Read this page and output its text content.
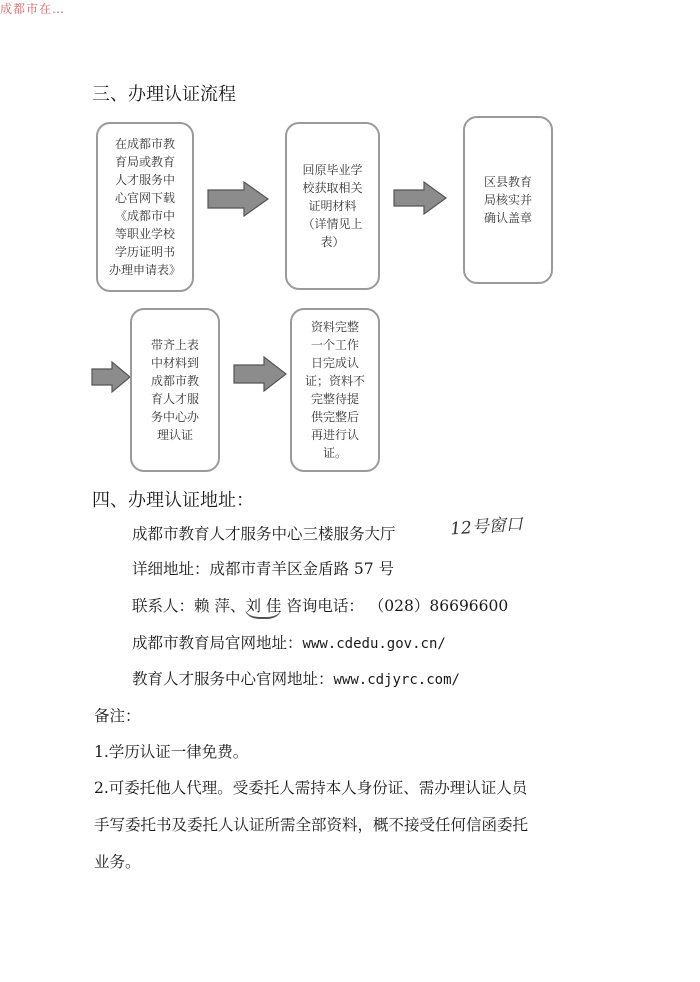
成都市在…
三、办理认证流程
在成都市教
育局或教育
人才服务中
心官网下载
《成都市中
等职业学校
学历证明书
办理申请表》
回原毕业学
校获取相关
证明材料
（详情见上
表）
区县教育
局核实并
确认盖章
带齐上表
中材料到
成都市教
育人才服
务中心办
理认证
资料完整
一个工作
日完成认
证；资料不
完整待提
供完整后
再进行认
证。
四、办理认证地址：
成都市教育人才服务中心三楼服务大厅	12号窗口
详细地址：成都市青羊区金盾路 57 号
联系人：赖 萍、刘 佳 咨询电话： （028）86696600
成都市教育局官网地址：www.cdedu.gov.cn/
教育人才服务中心官网地址：www.cdjyrc.com/
备注：
1.学历认证一律免费。
2.可委托他人代理。受委托人需持本人身份证、需办理认证人员
手写委托书及委托人认证所需全部资料，概不接受任何信函委托
业务。
